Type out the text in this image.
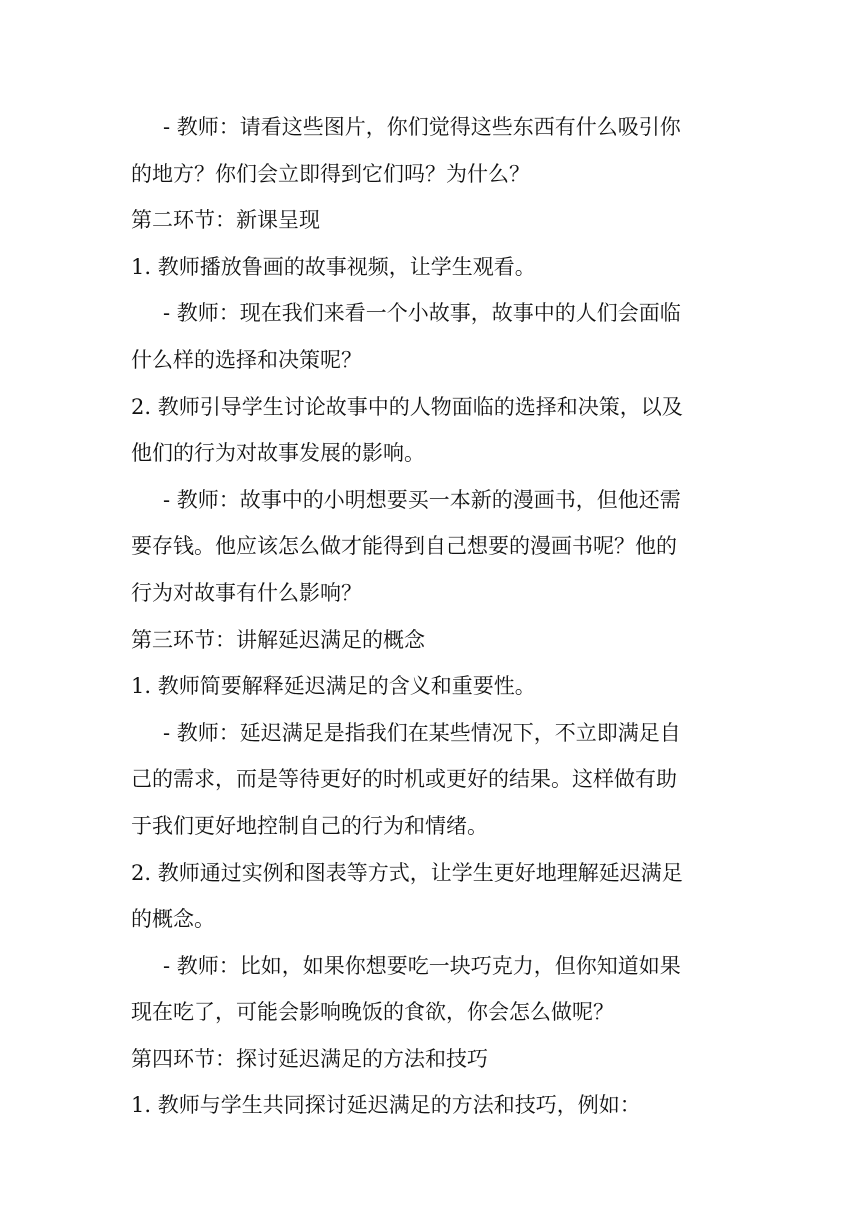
- 教师：请看这些图片，你们觉得这些东西有什么吸引你
的地方？你们会立即得到它们吗？为什么？
第二环节：新课呈现
1. 教师播放鲁画的故事视频，让学生观看。
- 教师：现在我们来看一个小故事，故事中的人们会面临
什么样的选择和决策呢？
2. 教师引导学生讨论故事中的人物面临的选择和决策，以及
他们的行为对故事发展的影响。
- 教师：故事中的小明想要买一本新的漫画书，但他还需
要存钱。他应该怎么做才能得到自己想要的漫画书呢？他的
行为对故事有什么影响？
第三环节：讲解延迟满足的概念
1. 教师简要解释延迟满足的含义和重要性。
- 教师：延迟满足是指我们在某些情况下，不立即满足自
己的需求，而是等待更好的时机或更好的结果。这样做有助
于我们更好地控制自己的行为和情绪。
2. 教师通过实例和图表等方式，让学生更好地理解延迟满足
的概念。
- 教师：比如，如果你想要吃一块巧克力，但你知道如果
现在吃了，可能会影响晚饭的食欲，你会怎么做呢？
第四环节：探讨延迟满足的方法和技巧
1. 教师与学生共同探讨延迟满足的方法和技巧，例如：
